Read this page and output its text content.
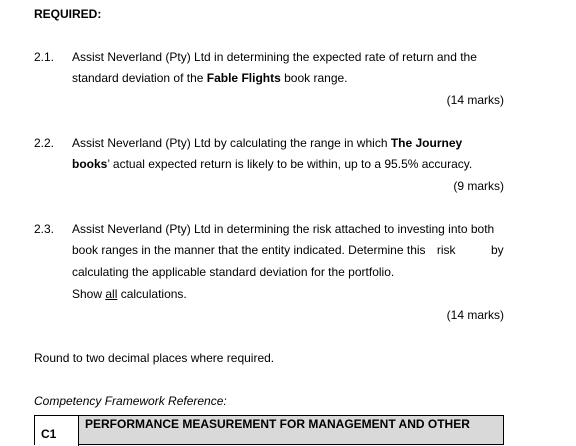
REQUIRED:
2.1. Assist Neverland (Pty) Ltd in determining the expected rate of return and the
standard deviation of the Fable Flights book range.
(14 marks)
2.2. Assist Neverland (Pty) Ltd by calculating the range in which The Journey
books’ actual expected return is likely to be within, up to a 95.5% accuracy.
(9 marks)
2.3. Assist Neverland (Pty) Ltd in determining the risk attached to investing into both
book ranges in the manner that the entity indicated. Determine this risk	by
calculating the applicable standard deviation for the portfolio.
Show all calculations.
(14 marks)
Round to two decimal places where required.
Competency Framework Reference:
C1
PERFORMANCE MEASUREMENT FOR MANAGEMENT AND OTHER
